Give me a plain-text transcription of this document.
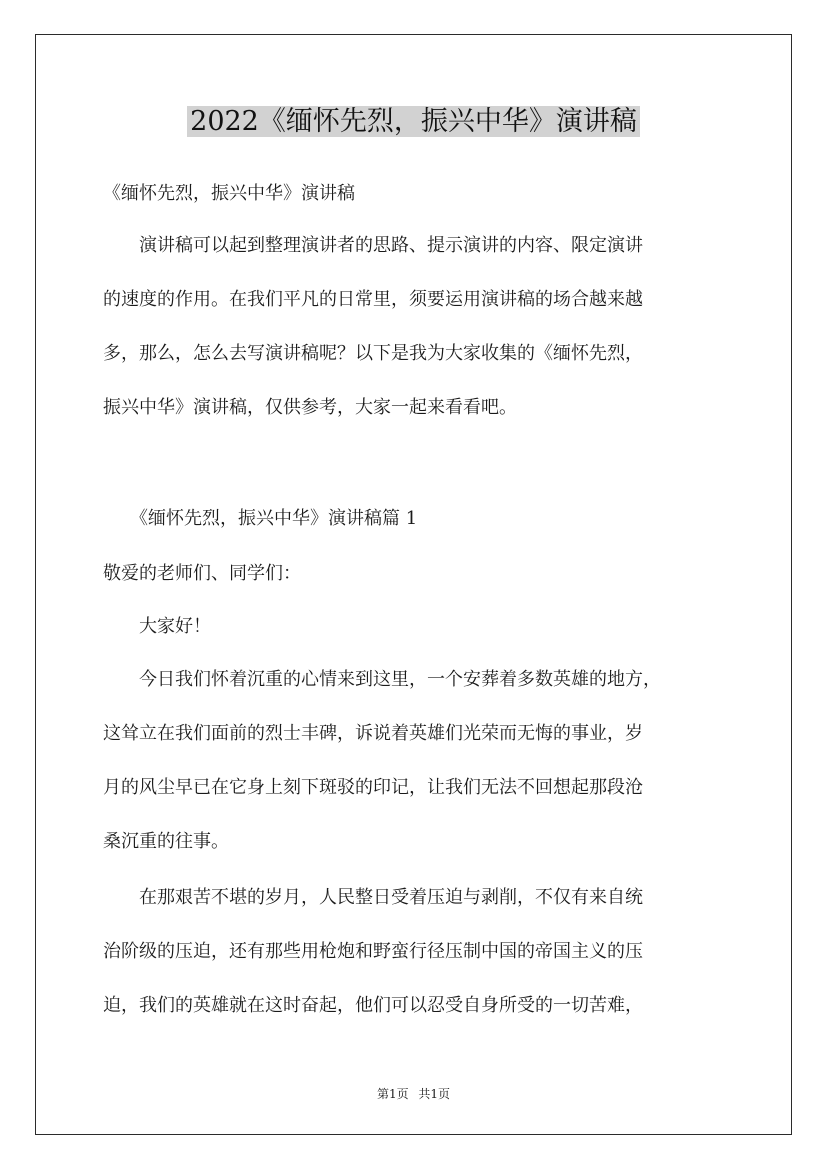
2022《缅怀先烈，振兴中华》演讲稿

《缅怀先烈，振兴中华》演讲稿

　　演讲稿可以起到整理演讲者的思路、提示演讲的内容、限定演讲
的速度的作用。在我们平凡的日常里，须要运用演讲稿的场合越来越
多，那么，怎么去写演讲稿呢？以下是我为大家收集的《缅怀先烈，
振兴中华》演讲稿，仅供参考，大家一起来看看吧。

　　《缅怀先烈，振兴中华》演讲稿篇 1

敬爱的老师们、同学们：

　　大家好！

　　今日我们怀着沉重的心情来到这里，一个安葬着多数英雄的地方，
这耸立在我们面前的烈士丰碑，诉说着英雄们光荣而无悔的事业，岁
月的风尘早已在它身上刻下斑驳的印记，让我们无法不回想起那段沧
桑沉重的往事。
　　在那艰苦不堪的岁月，人民整日受着压迫与剥削，不仅有来自统
治阶级的压迫，还有那些用枪炮和野蛮行径压制中国的帝国主义的压
迫，我们的英雄就在这时奋起，他们可以忍受自身所受的一切苦难，
第1页 共1页
